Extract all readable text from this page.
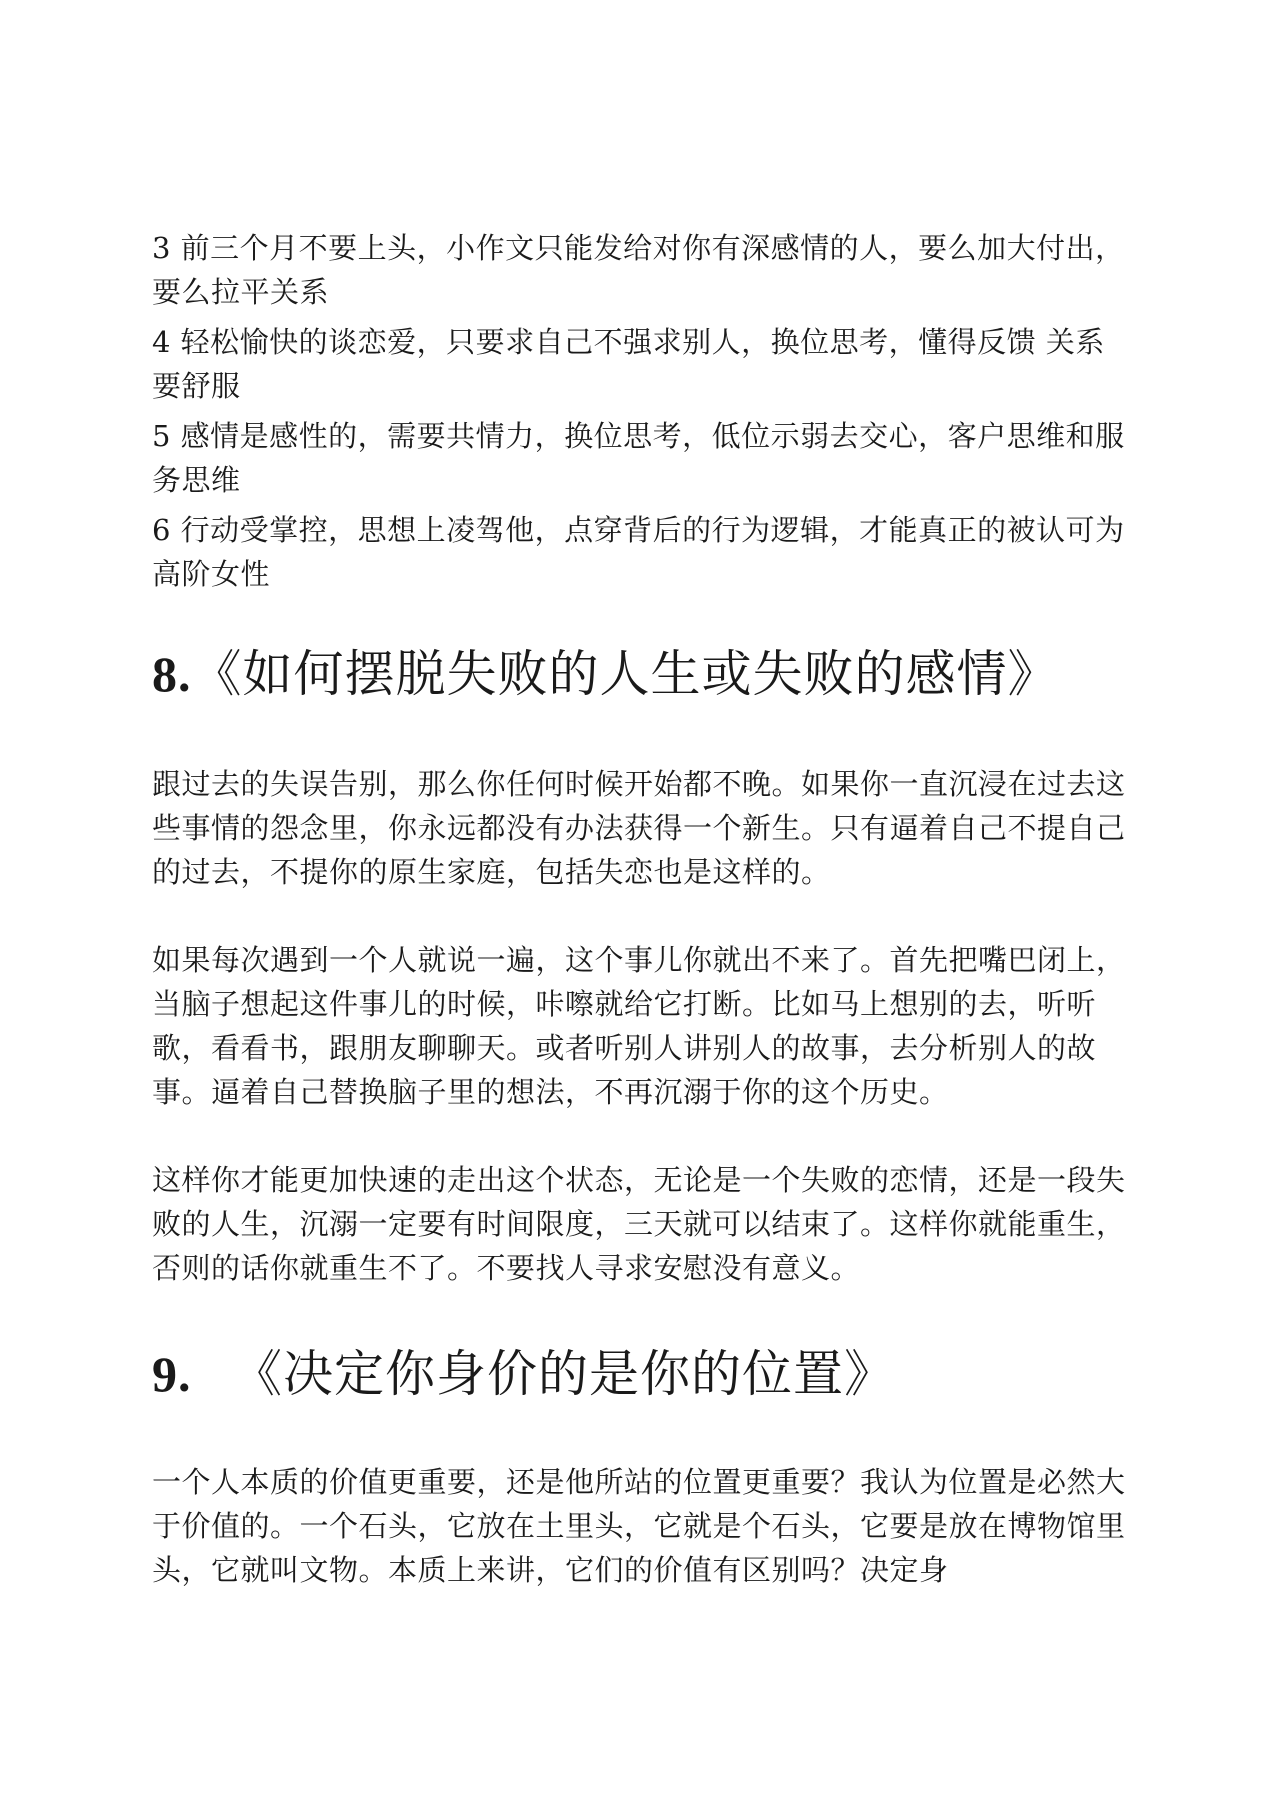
3 前三个月不要上头，小作文只能发给对你有深感情的人，要么加大付出，要么拉平关系

4 轻松愉快的谈恋爱，只要求自己不强求别人，换位思考，懂得反馈 关系要舒服

5 感情是感性的，需要共情力，换位思考，低位示弱去交心，客户思维和服务思维

6 行动受掌控，思想上凌驾他，点穿背后的行为逻辑，才能真正的被认可为高阶女性

8.《如何摆脱失败的人生或失败的感情》

跟过去的失误告别，那么你任何时候开始都不晚。如果你一直沉浸在过去这些事情的怨念里，你永远都没有办法获得一个新生。只有逼着自己不提自己的过去，不提你的原生家庭，包括失恋也是这样的。

如果每次遇到一个人就说一遍，这个事儿你就出不来了。首先把嘴巴闭上，当脑子想起这件事儿的时候，咔嚓就给它打断。比如马上想别的去，听听歌，看看书，跟朋友聊聊天。或者听别人讲别人的故事，去分析别人的故事。逼着自己替换脑子里的想法，不再沉溺于你的这个历史。

这样你才能更加快速的走出这个状态，无论是一个失败的恋情，还是一段失败的人生，沉溺一定要有时间限度，三天就可以结束了。这样你就能重生，否则的话你就重生不了。不要找人寻求安慰没有意义。

9. 《决定你身价的是你的位置》

一个人本质的价值更重要，还是他所站的位置更重要？我认为位置是必然大于价值的。一个石头，它放在土里头，它就是个石头，它要是放在博物馆里头，它就叫文物。本质上来讲，它们的价值有区别吗？决定身
